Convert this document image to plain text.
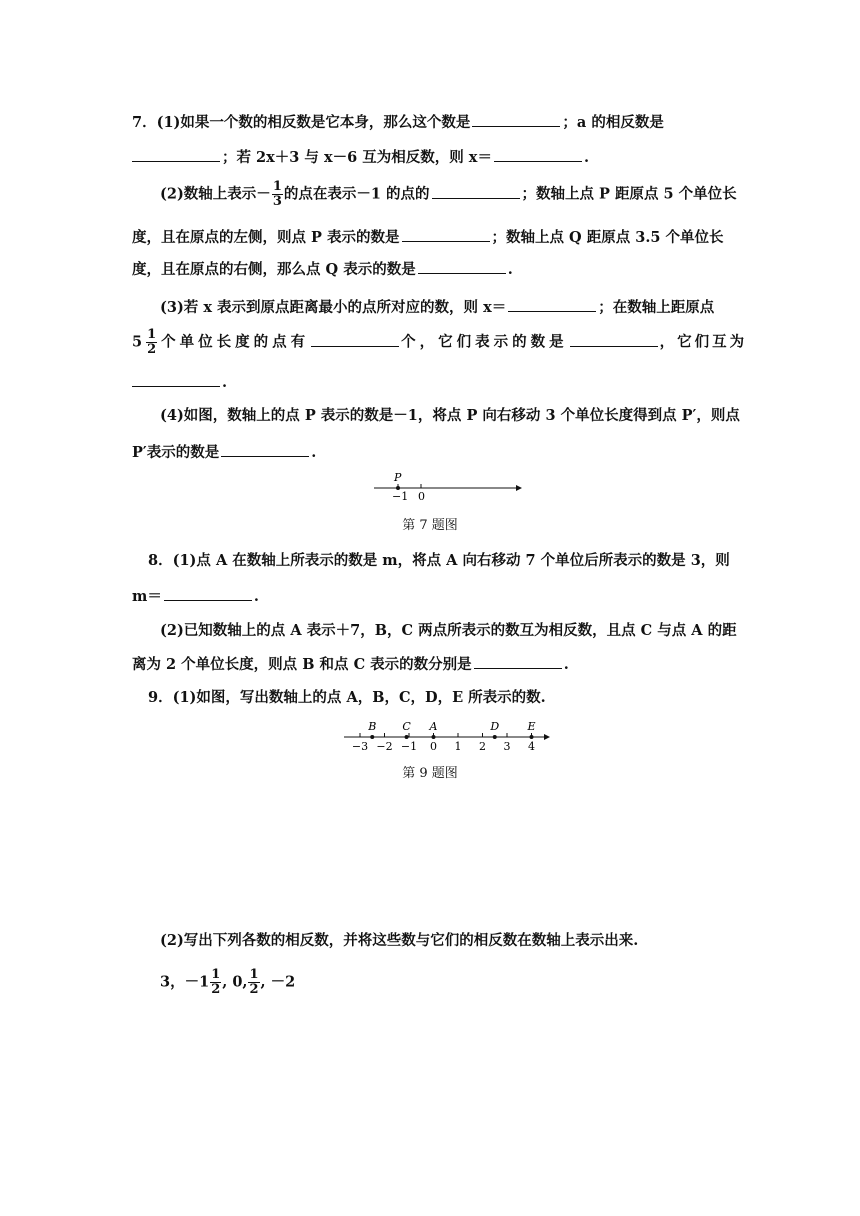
7．(1)如果一个数的相反数是它本身，那么这个数是	；a 的相反数是
；若 2x＋3 与 x－6 互为相反数，则 x＝	.
(2)数轴上表示－ $\frac{1}{3}$ 的点在表示－1 的点的	；数轴上点 P 距原点 5 个单位长
度，且在原点的左侧，则点 P 表示的数是	；数轴上点 Q 距原点 3.5 个单位长
度，且在原点的右侧，那么点 Q 表示的数是	.
(3)若 x 表示到原点距离最小的点所对应的数，则 x＝	；在数轴上距原点
$5 \frac{1}{2}$ 个单位长度的点有	个，它们表示的数是	，它们互为
.
(4)如图，数轴上的点 P 表示的数是－1，将点 P 向右移动 3 个单位长度得到点 P′，则点
P′表示的数是	.
P
−1 0
第 7 题图
8．(1)点 A 在数轴上所表示的数是 m，将点 A 向右移动 7 个单位后所表示的数是 3，则
m＝	.
(2)已知数轴上的点 A 表示＋7，B，C 两点所表示的数互为相反数，且点 C 与点 A 的距
离为 2 个单位长度，则点 B 和点 C 表示的数分别是	.
9．(1)如图，写出数轴上的点 A，B，C，D，E 所表示的数.
−3 −2 −1 0 1 2 3 4
B C A	D	E
第 9 题图
(2)写出下列各数的相反数，并将这些数与它们的相反数在数轴上表示出来.
3，$-1 \frac{1}{2}$ , 0, $\frac{1}{2}$ , －2
